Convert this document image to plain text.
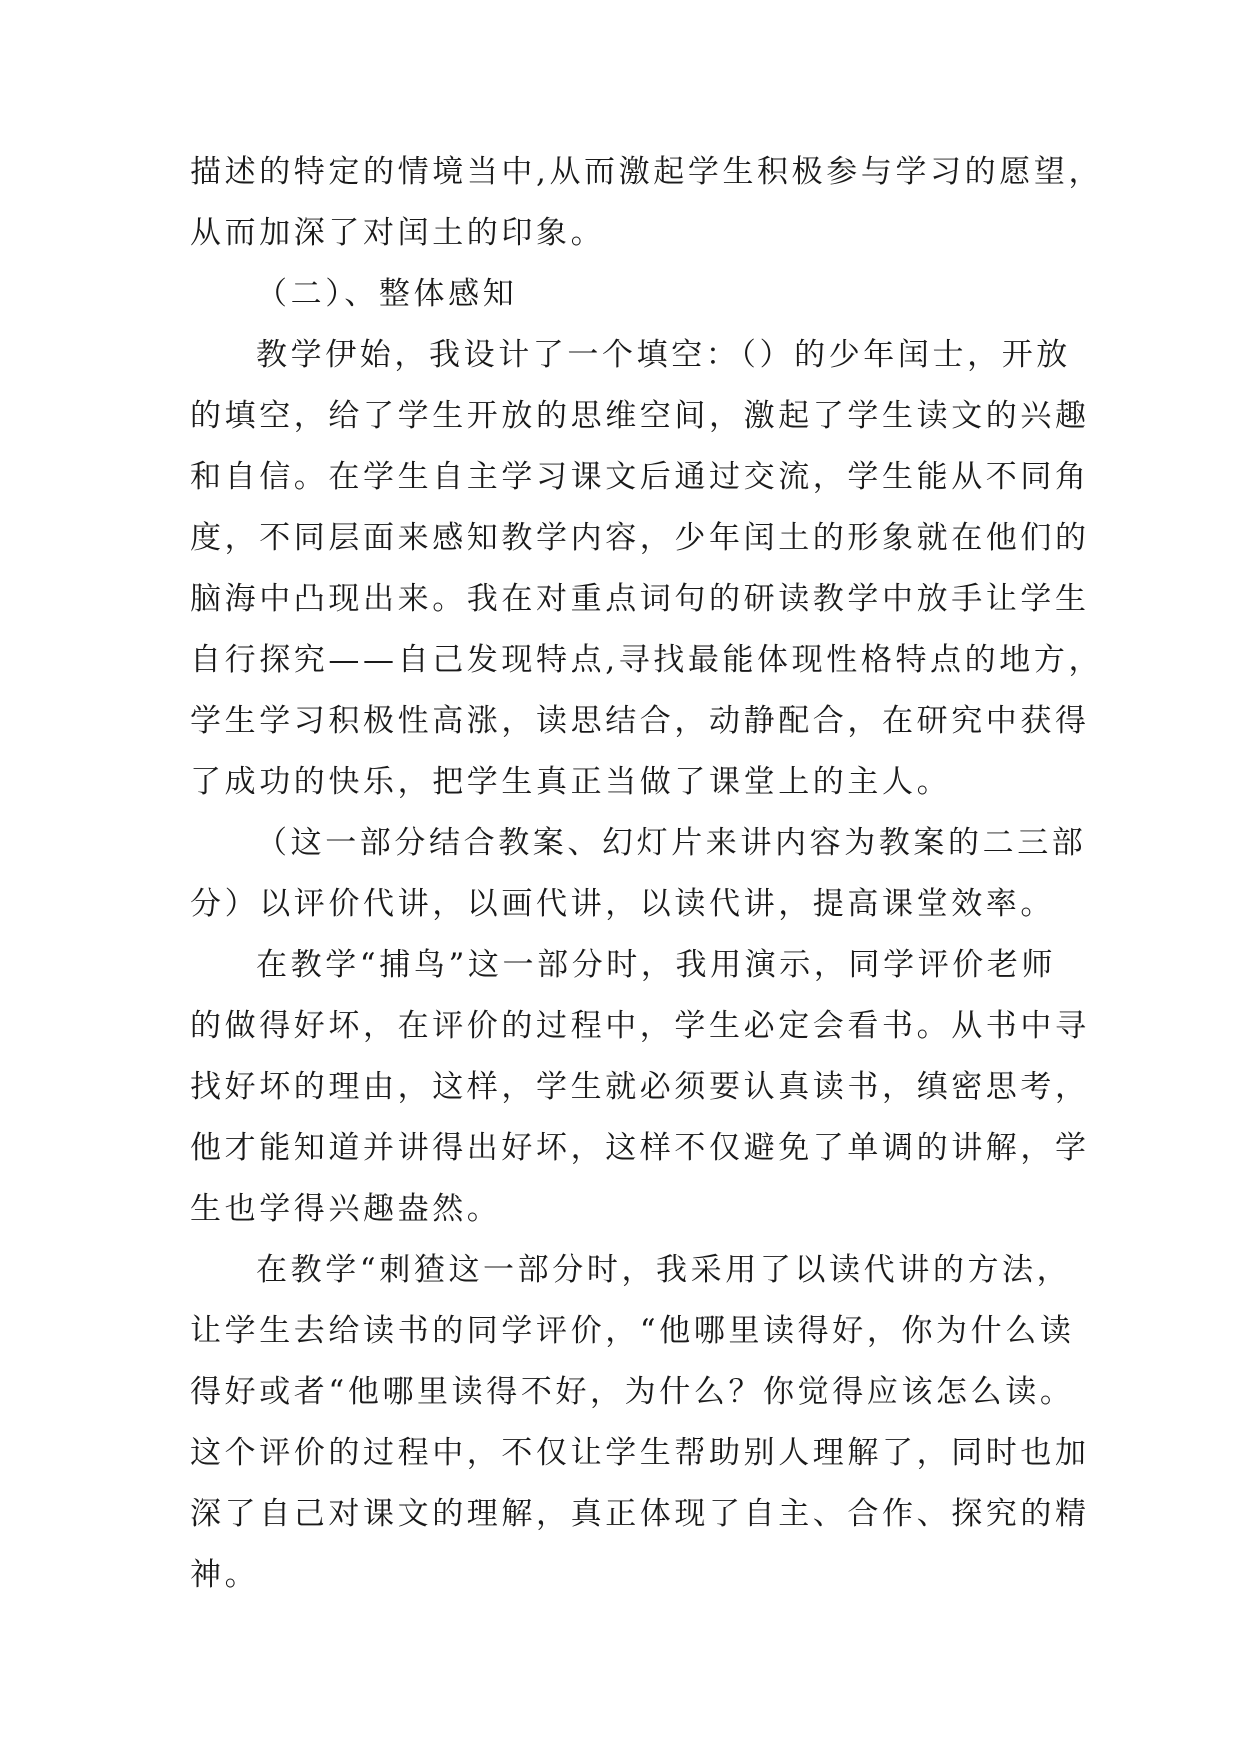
描述的特定的情境当中,从而激起学生积极参与学习的愿望，
从而加深了对闰土的印象。
（二）、整体感知
教学伊始，我设计了一个填空：（）的少年闰士，开放
的填空，给了学生开放的思维空间，激起了学生读文的兴趣
和自信。在学生自主学习课文后通过交流，学生能从不同角
度，不同层面来感知教学内容，少年闰土的形象就在他们的
脑海中凸现出来。我在对重点词句的研读教学中放手让学生
自行探究——自己发现特点,寻找最能体现性格特点的地方，
学生学习积极性高涨，读思结合，动静配合，在研究中获得
了成功的快乐，把学生真正当做了课堂上的主人。
（这一部分结合教案、幻灯片来讲内容为教案的二三部
分）以评价代讲，以画代讲，以读代讲，提高课堂效率。
在教学“捕鸟”这一部分时，我用演示，同学评价老师
的做得好坏，在评价的过程中，学生必定会看书。从书中寻
找好坏的理由，这样，学生就必须要认真读书，缜密思考，
他才能知道并讲得出好坏，这样不仅避免了单调的讲解，学
生也学得兴趣盎然。
在教学“刺猹这一部分时，我采用了以读代讲的方法，
让学生去给读书的同学评价，“他哪里读得好，你为什么读
得好或者“他哪里读得不好，为什么？你觉得应该怎么读。
这个评价的过程中，不仅让学生帮助别人理解了，同时也加
深了自己对课文的理解，真正体现了自主、合作、探究的精
神。
